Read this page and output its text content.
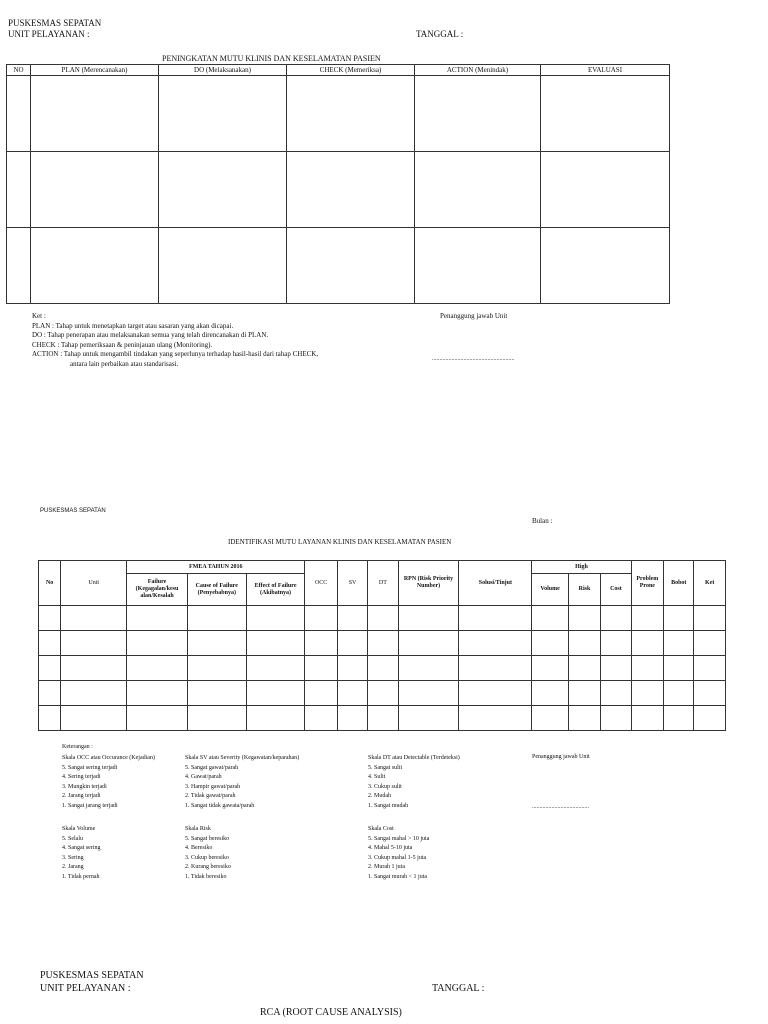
PUSKESMAS SEPATAN
UNIT PELAYANAN :	TANGGAL :
PENINGKATAN MUTU KLINIS DAN KESELAMATAN PASIEN
NO	PLAN (Merencanakan)	DO (Melaksanakan)	CHECK (Memeriksa)	ACTION (Menindak)	EVALUASI

Ket :
PLAN : Tahap untuk menetapkan target atau sasaran yang akan dicapai.
DO : Tahap penerapan atau melaksanakan semua yang telah direncanakan di PLAN.
CHECK : Tahap pemeriksaan & peninjauan ulang (Monitoring).
ACTION : Tahap untuk mengambil tindakan yang seperlunya terhadap hasil-hasil dari tahap CHECK,
antara lain perbaikan atau standarisasi.
Penanggung jawab Unit
.......................................................
PUSKESMAS SEPATAN
Bulan :
IDENTIFIKASI MUTU LAYANAN KLINIS DAN KESELAMATAN PASIEN
No	Unit	FMEA TAHUN 2016			OCC	SV	DT	RPN (Risk Priority Number)	Solusi/Tinjut	High			Problem Prone	Bobot	Ket
		Failure (Kegagalan/kesu alan/Kesalah	Cause of Failure (Penyebabnya)	Effect of Failure (Akibatnya)						Volume	Risk	Cost			

Keterangan :
Skala OCC atau Occurance (Kejadian)
5. Sangat sering terjadi
4. Sering terjadi
3. Mungkin terjadi
2. Jarang terjadi
1. Sangat jarang terjadi
Skala SV atau Severity (Kegawatan/keparahan)
5. Sangat gawat/parah
4. Gawat/parah
3. Hampir gawat/parah
2. Tidak gawat/parah
1. Sangat tidak gawata/parah
Skala DT atau Detectable (Terdeteksi)
5. Sangat sulit
4. Sulit
3. Cukup sulit
2. Mudah
1. Sangat mudah
Penanggung jawab Unit
......................................
Skala Volume
5. Selalu
4. Sangat sering
3. Sering
2. Jarang
1. Tidak pernah
Skala Risk
5. Sangat beresiko
4. Beresiko
3. Cukup beresiko
2. Kurang beresiko
1. Tidak beresiko
Skala Cost
5. Sangat mahal > 10 juta
4. Mahal 5-10 juta
3. Cukup mahal 1-5 juta
2. Murah 1 juta
1. Sangat murah < 1 juta
PUSKESMAS SEPATAN
UNIT PELAYANAN :	TANGGAL :
RCA (ROOT CAUSE ANALYSIS)
